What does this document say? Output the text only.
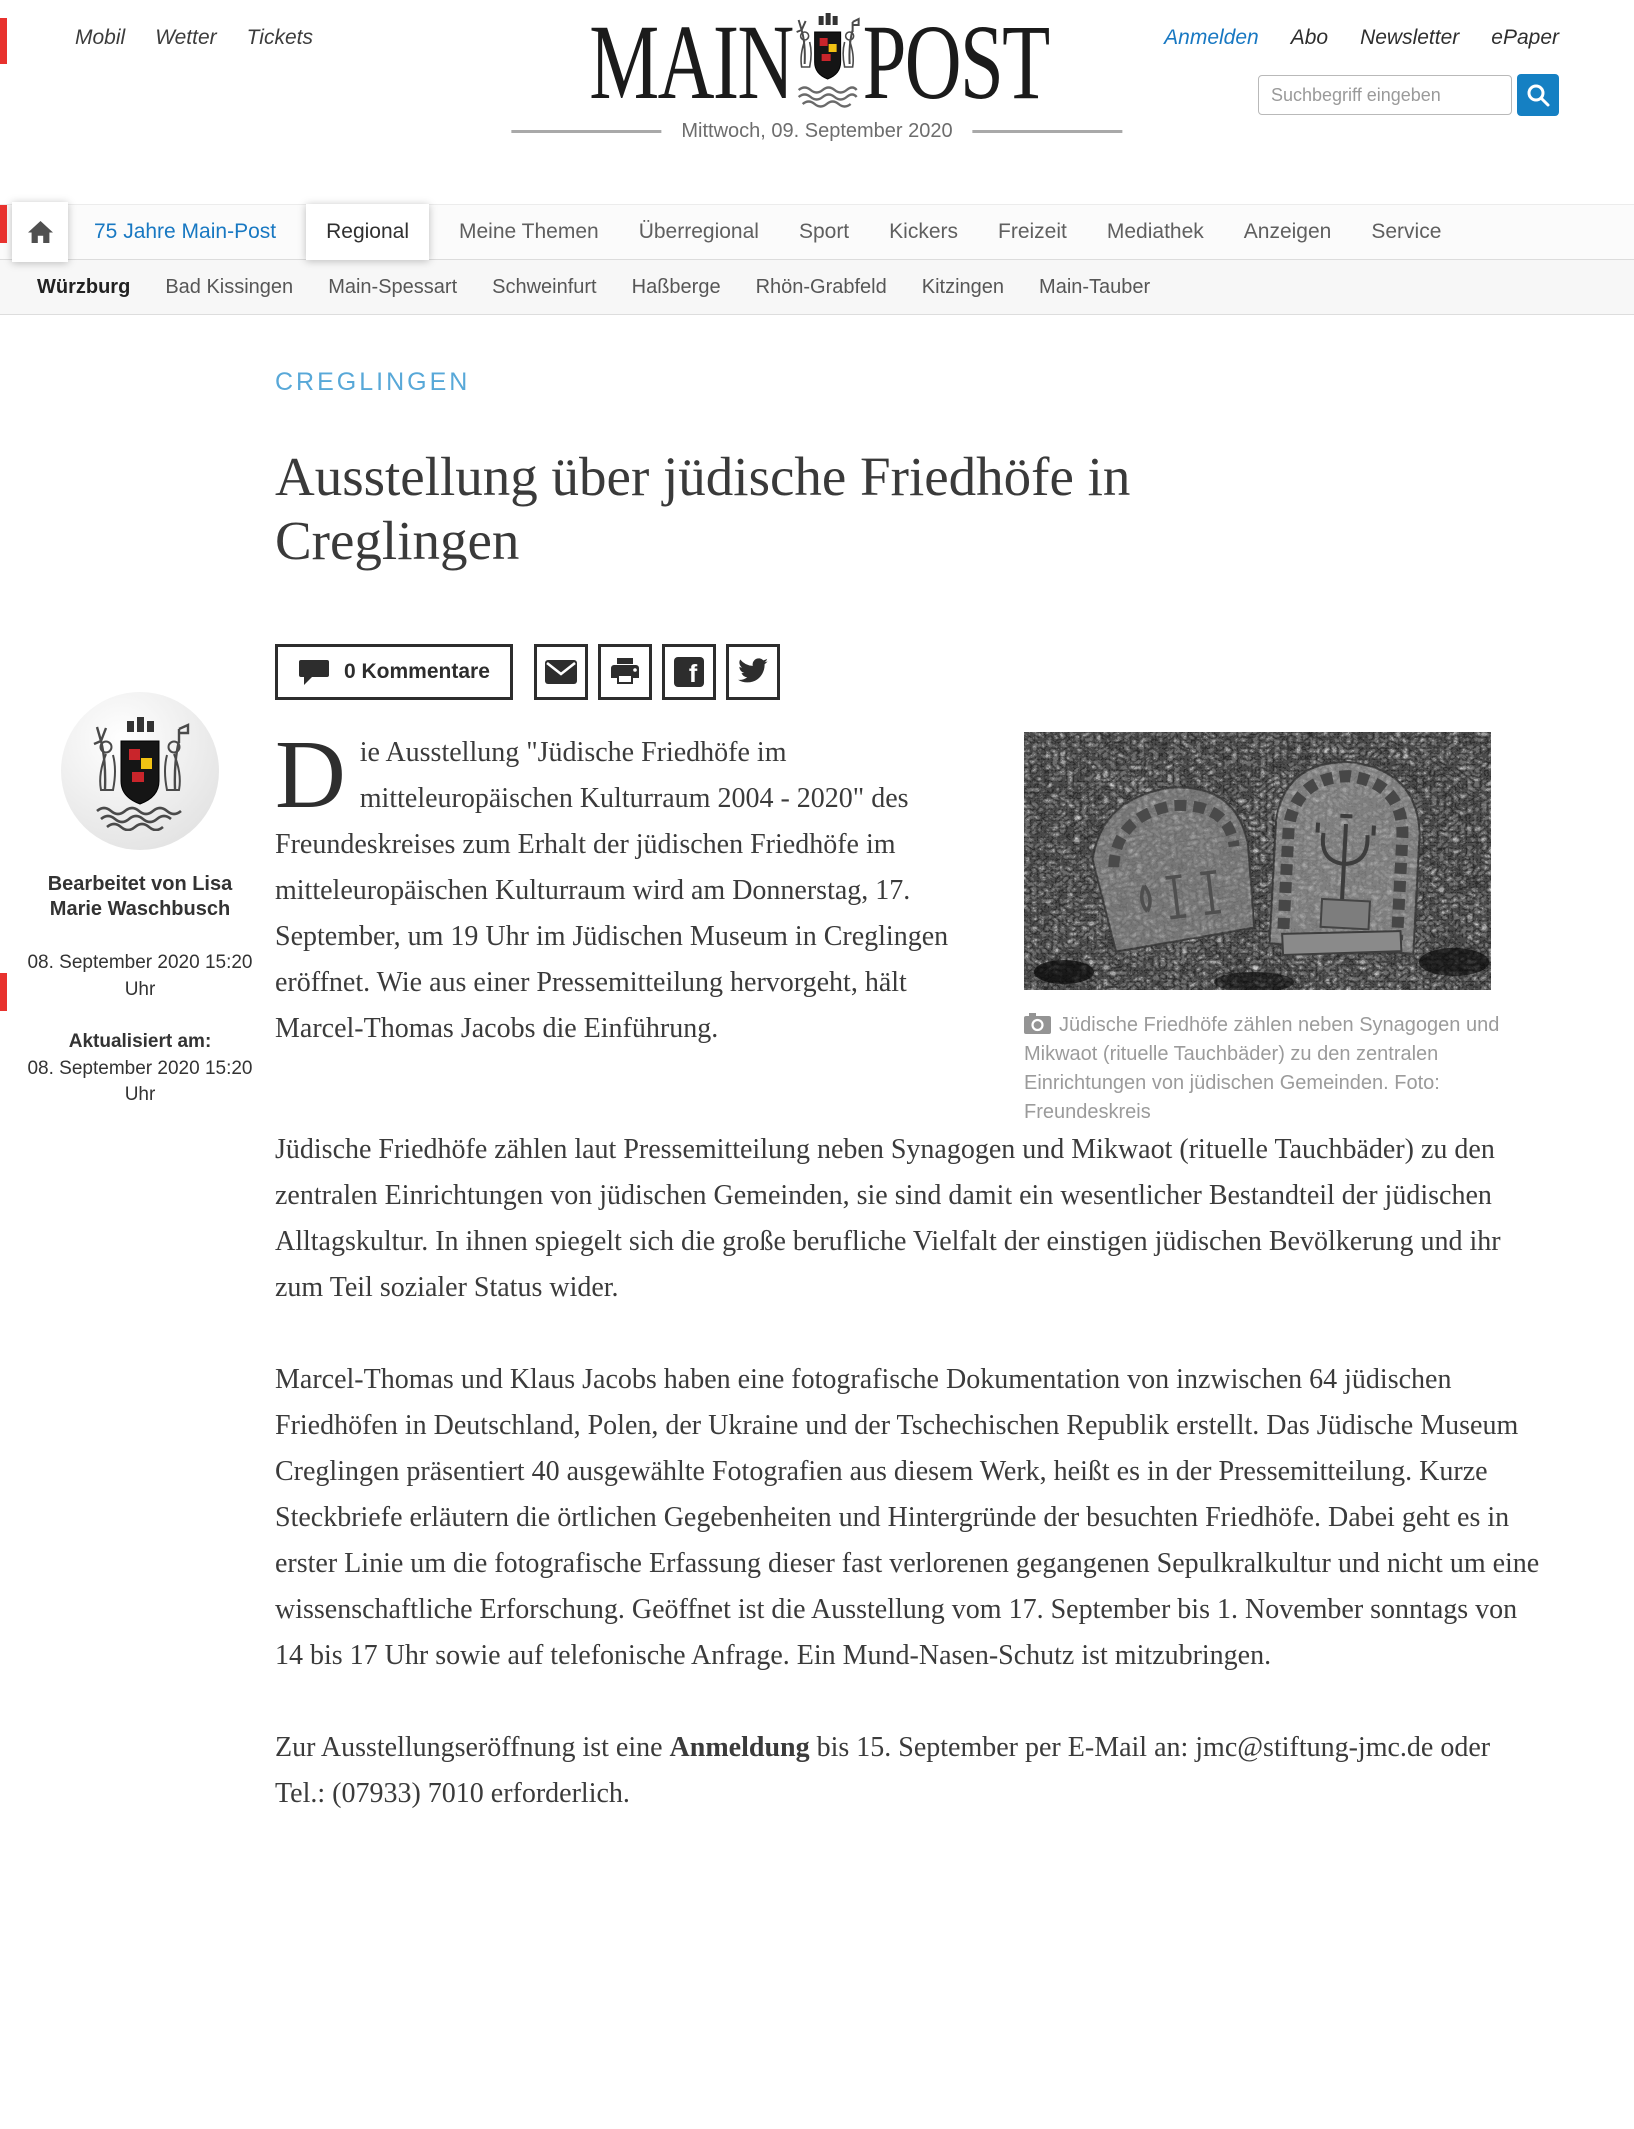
Mobil Wetter Tickets	MAIN POST	Anmelden Abo Newsletter ePaper
Suchbegriff eingeben
Mittwoch, 09. September 2020
75 Jahre Main-Post	Regional	Meine Themen Überregional Sport Kickers Freizeit Mediathek Anzeigen Service
Würzburg Bad Kissingen Main-Spessart Schweinfurt Haßberge Rhön-Grabfeld Kitzingen Main-Tauber
Bearbeitet von Lisa Marie Waschbusch
08. September 2020 15:20 Uhr
Aktualisiert am:
08. September 2020 15:20 Uhr
CREGLINGEN
Ausstellung über jüdische Friedhöfe in Creglingen
0 Kommentare	f

Die Ausstellung "Jüdische Friedhöfe im mitteleuropäischen Kulturraum 2004 - 2020" des Freundeskreises zum Erhalt der jüdischen Friedhöfe im mitteleuropäischen Kulturraum wird am Donnerstag, 17. September, um 19 Uhr im Jüdischen Museum in Creglingen eröffnet. Wie aus einer Pressemitteilung hervorgeht, hält Marcel-Thomas Jacobs die Einführung.	Jüdische Friedhöfe zählen neben Synagogen und Mikwaot (rituelle Tauchbäder) zu den zentralen Einrichtungen von jüdischen Gemeinden. Foto: Freundeskreis

Jüdische Friedhöfe zählen laut Pressemitteilung neben Synagogen und Mikwaot (rituelle Tauchbäder) zu den zentralen Einrichtungen von jüdischen Gemeinden, sie sind damit ein wesentlicher Bestandteil der jüdischen Alltagskultur. In ihnen spiegelt sich die große berufliche Vielfalt der einstigen jüdischen Bevölkerung und ihr zum Teil sozialer Status wider.

Marcel-Thomas und Klaus Jacobs haben eine fotografische Dokumentation von inzwischen 64 jüdischen Friedhöfen in Deutschland, Polen, der Ukraine und der Tschechischen Republik erstellt. Das Jüdische Museum Creglingen präsentiert 40 ausgewählte Fotografien aus diesem Werk, heißt es in der Pressemitteilung. Kurze Steckbriefe erläutern die örtlichen Gegebenheiten und Hintergründe der besuchten Friedhöfe. Dabei geht es in erster Linie um die fotografische Erfassung dieser fast verlorenen gegangenen Sepulkralkultur und nicht um eine wissenschaftliche Erforschung. Geöffnet ist die Ausstellung vom 17. September bis 1. November sonntags von 14 bis 17 Uhr sowie auf telefonische Anfrage. Ein Mund-Nasen-Schutz ist mitzubringen.

Zur Ausstellungseröffnung ist eine Anmeldung bis 15. September per E-Mail an: jmc@stiftung-jmc.de oder Tel.: (07933) 7010 erforderlich.
